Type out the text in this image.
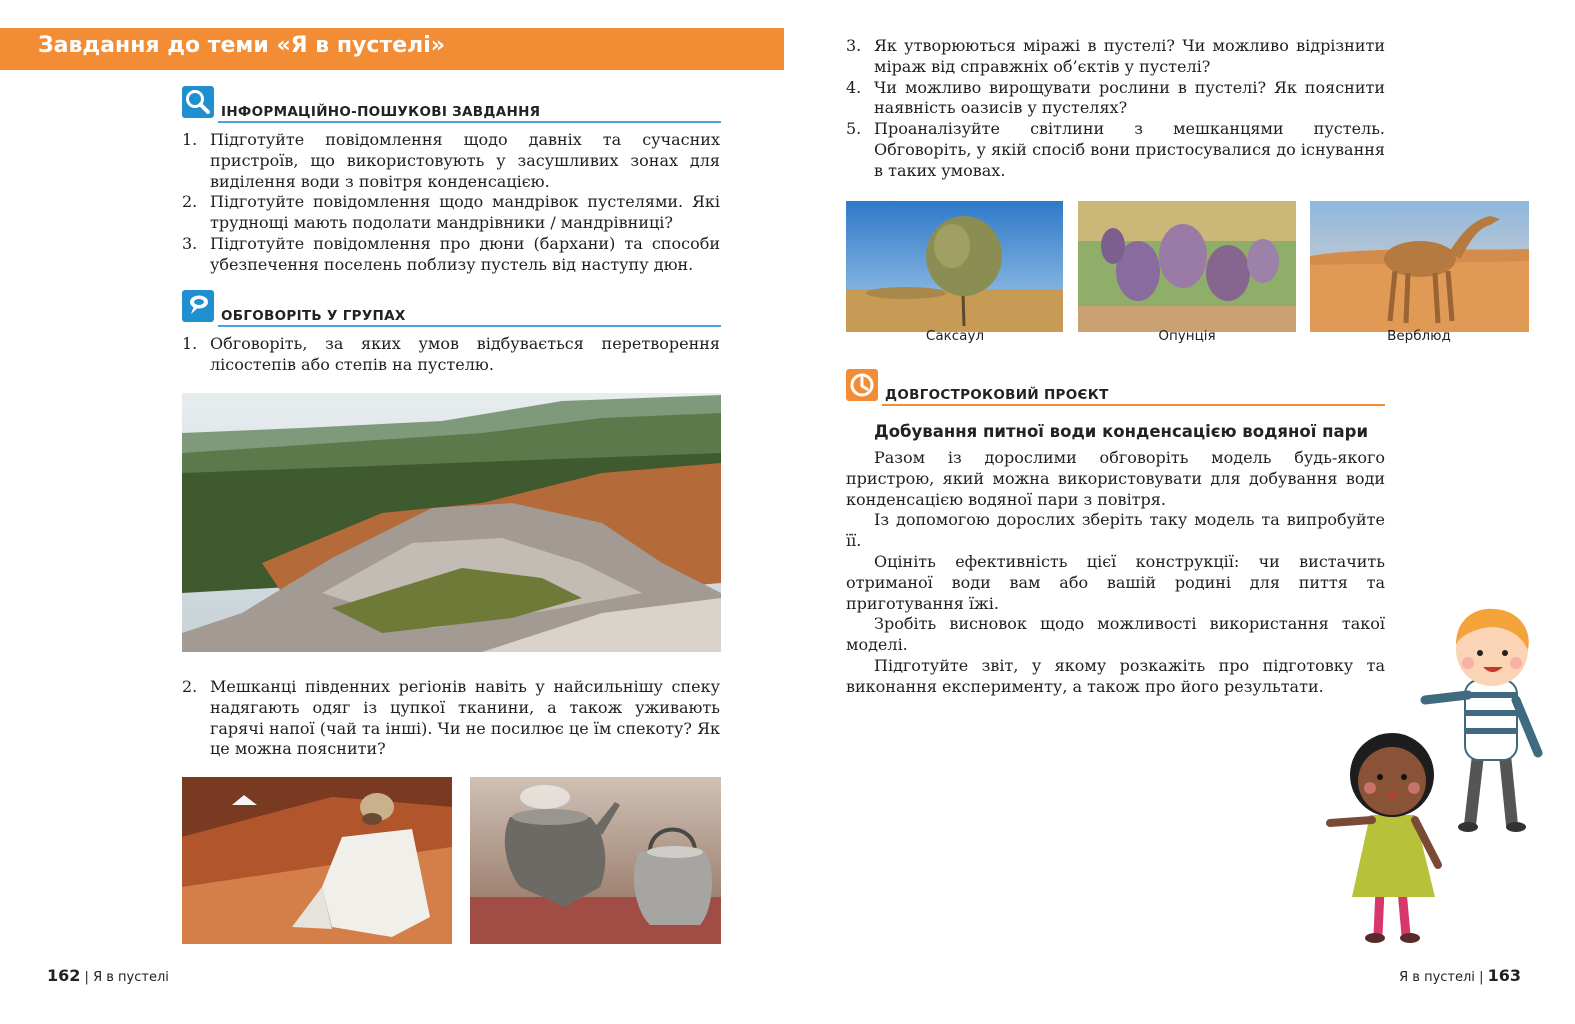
Завдання до теми «Я в пустелі»
ІНФОРМАЦІЙНО-ПОШУКОВІ ЗАВДАННЯ
1. Підготуйте повідомлення щодо давніх та сучасних пристроїв, що використовують у засушливих зонах для виділення води з повітря конденсацією.
2. Підготуйте повідомлення щодо мандрівок пустелями. Які труднощі мають подолати мандрівники / мандрівниці?
3. Підготуйте повідомлення про дюни (бархани) та способи убезпечення поселень поблизу пустель від наступу дюн.
ОБГОВОРІТЬ У ГРУПАХ
1. Обговоріть, за яких умов відбувається перетворення лісостепів або степів на пустелю.
2. Мешканці південних регіонів навіть у найсильнішу спеку надягають одяг із цупкої тканини, а також уживають гарячі напої (чай та інші). Чи не посилює це їм спекоту? Як це можна пояснити?
3. Як утворюються міражі в пустелі? Чи можливо відрізнити міраж від справжніх об’єктів у пустелі?
4. Чи можливо вирощувати рослини в пустелі? Як пояснити наявність оазисів у пустелях?
5. Проаналізуйте світлини з мешканцями пустель. Обговоріть, у якій спосіб вони пристосувалися до існування в таких умовах.
Саксаул	Опунція	Верблюд
ДОВГОСТРОКОВИЙ ПРОЄКТ
Добування питної води конденсацією водяної пари

Разом із дорослими обговоріть модель будь-якого пристрою, який можна використовувати для добування води конденсацією водяної пари з повітря.

Із допомогою дорослих зберіть таку модель та випробуйте її.

Оцініть ефективність цієї конструкції: чи вистачить отриманої води вам або вашій родині для пиття та приготування їжі.

Зробіть висновок щодо можливості використання такої моделі.

Підготуйте звіт, у якому розкажіть про підготовку та виконання експерименту, а також про його результати.

162 | Я в пустелі	Я в пустелі | 163
